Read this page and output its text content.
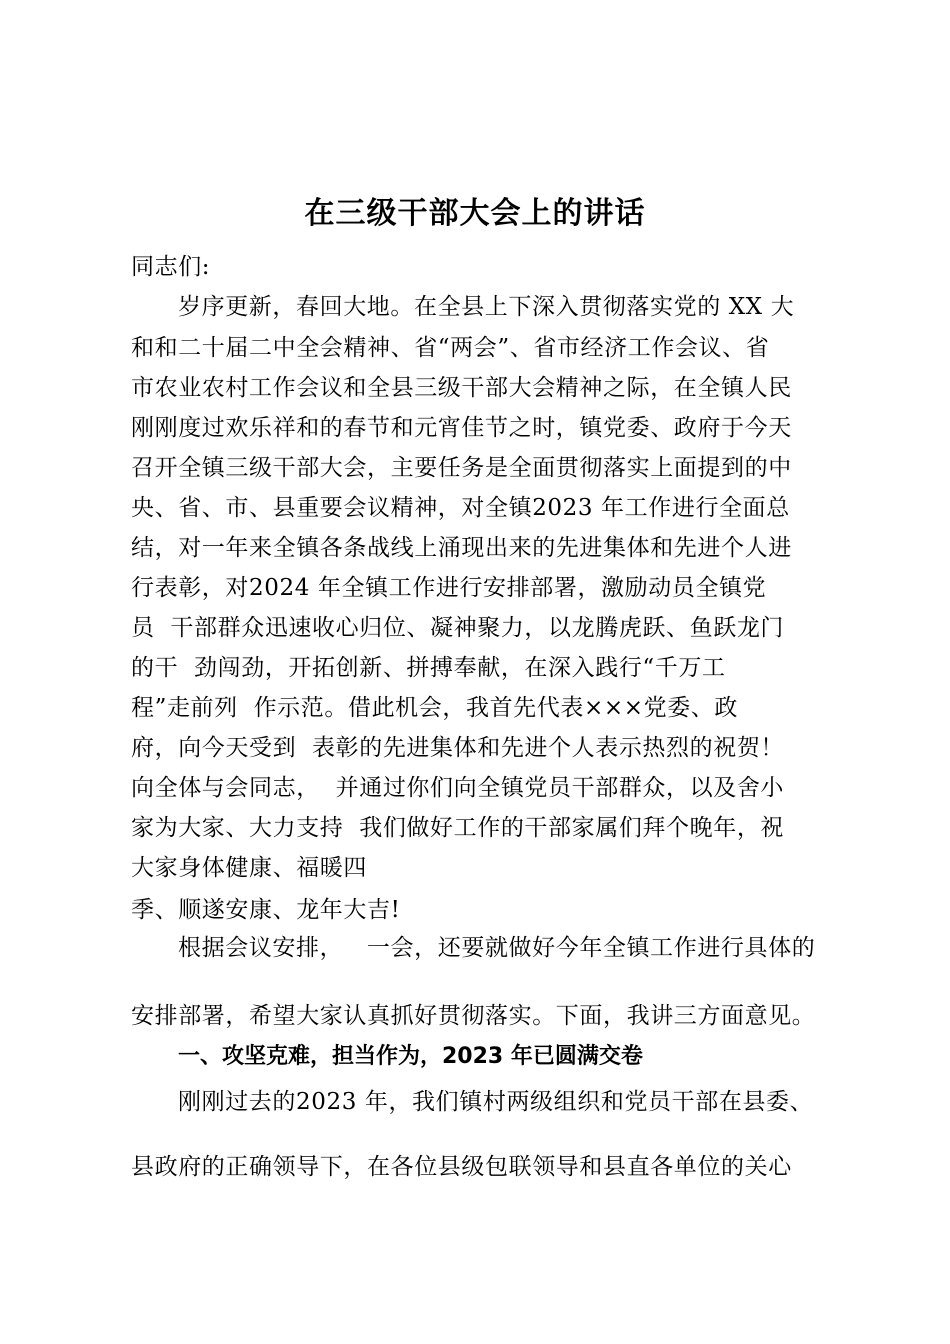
在三级干部大会上的讲话
同志们:
岁序更新，春回大地。在全县上下深入贯彻落实党的 XX 大
和和二十届二中全会精神、省“两会”、省市经济工作会议、省
市农业农村工作会议和全县三级干部大会精神之际，在全镇人民
刚刚度过欢乐祥和的春节和元宵佳节之时，镇党委、政府于今天
召开全镇三级干部大会，主要任务是全面贯彻落实上面提到的中
央、省、市、县重要会议精神，对全镇2023 年工作进行全面总
结，对一年来全镇各条战线上涌现出来的先进集体和先进个人进
行表彰，对2024 年全镇工作进行安排部署，激励动员全镇党
员  干部群众迅速收心归位、凝神聚力，以龙腾虎跃、鱼跃龙门
的干  劲闯劲，开拓创新、拼搏奉献，在深入践行“千万工
程”走前列  作示范。借此机会，我首先代表×××党委、政
府，向今天受到  表彰的先进集体和先进个人表示热烈的祝贺！
向全体与会同志，  并通过你们向全镇党员干部群众，以及舍小
家为大家、大力支持  我们做好工作的干部家属们拜个晚年，祝
大家身体健康、福暖四
季、顺遂安康、龙年大吉!
根据会议安排，   一会，还要就做好今年全镇工作进行具体的
安排部署，希望大家认真抓好贯彻落实。下面，我讲三方面意见。
一、攻坚克难，担当作为，2023 年已圆满交卷
刚刚过去的2023 年，我们镇村两级组织和党员干部在县委、
县政府的正确领导下，在各位县级包联领导和县直各单位的关心
